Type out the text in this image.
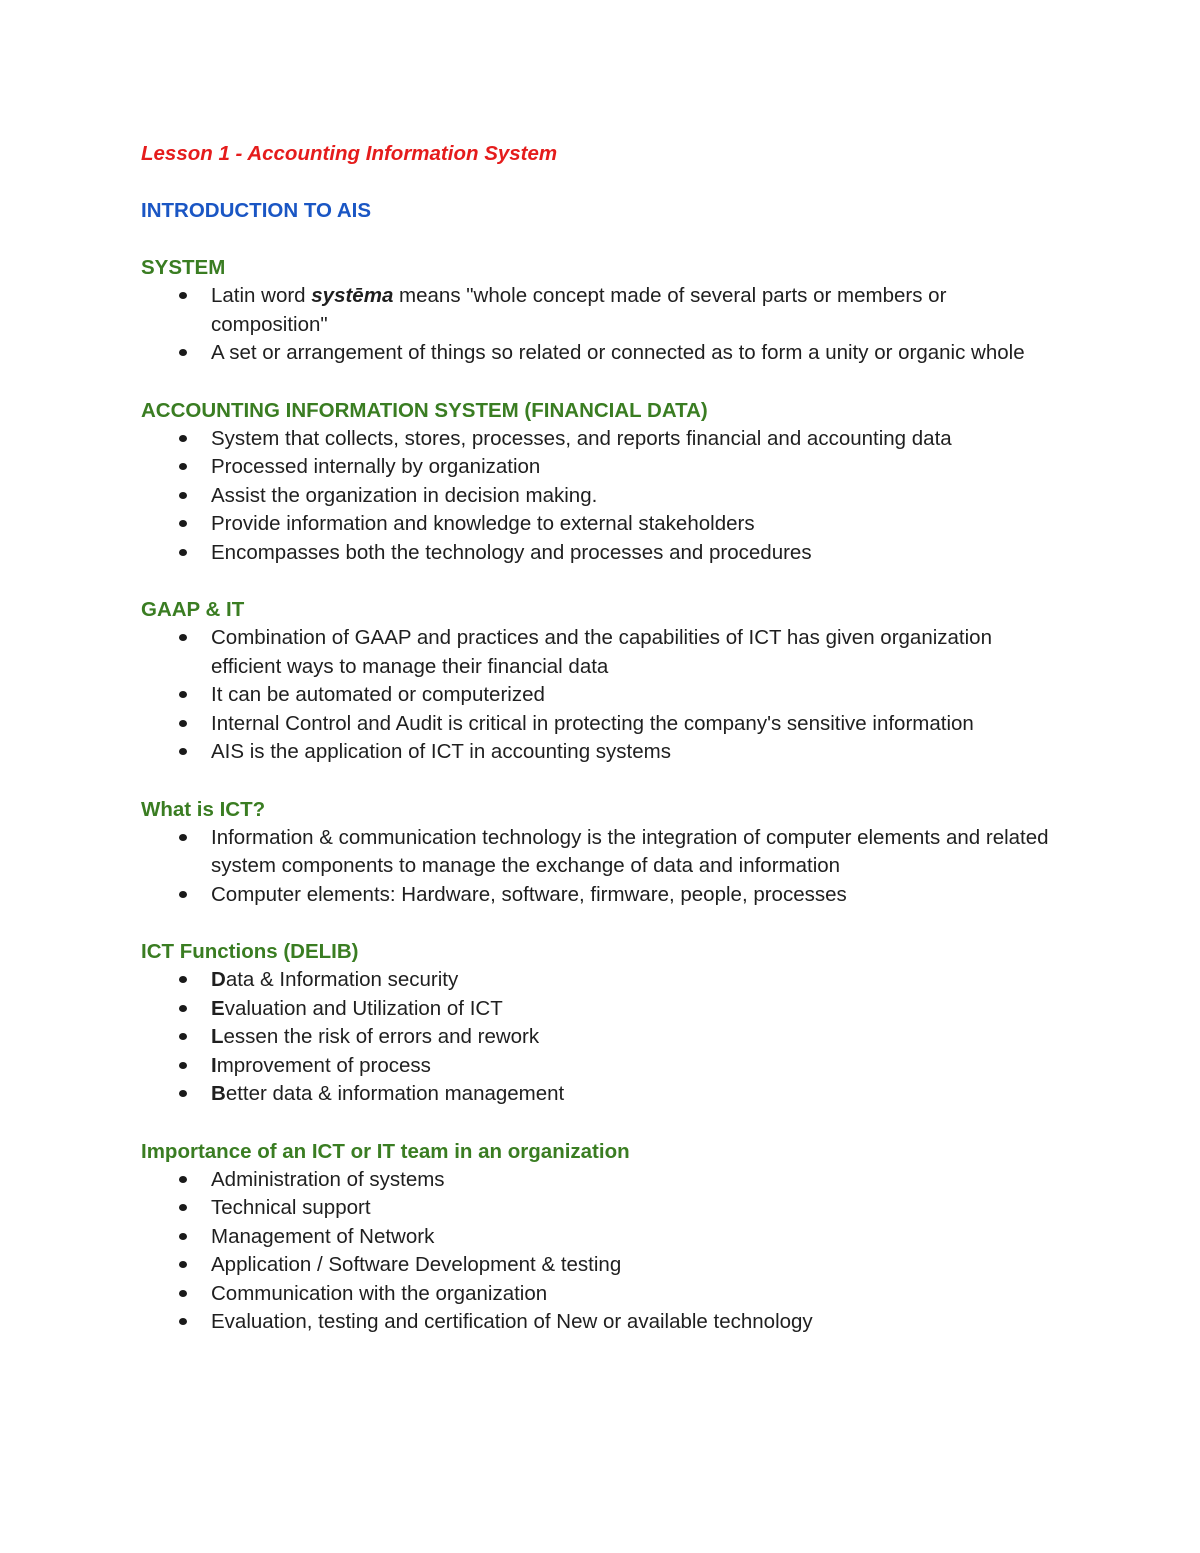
Lesson 1 - Accounting Information System
INTRODUCTION TO AIS
SYSTEM
Latin word systēma means "whole concept made of several parts or members or composition"
A set or arrangement of things so related or connected as to form a unity or organic whole
ACCOUNTING INFORMATION SYSTEM (FINANCIAL DATA)
System that collects, stores, processes, and reports financial and accounting data
Processed internally by organization
Assist the organization in decision making.
Provide information and knowledge to external stakeholders
Encompasses both the technology and processes and procedures
GAAP & IT
Combination of GAAP and practices and the capabilities of ICT has given organization efficient ways to manage their financial data
It can be automated or computerized
Internal Control and Audit is critical in protecting the company's sensitive information
AIS is the application of ICT in accounting systems
What is ICT?
Information & communication technology is the integration of computer elements and related system components to manage the exchange of data and information
Computer elements: Hardware, software, firmware, people, processes
ICT Functions (DELIB)
Data & Information security
Evaluation and Utilization of ICT
Lessen the risk of errors and rework
Improvement of process
Better data & information management
Importance of an ICT or IT team in an organization
Administration of systems
Technical support
Management of Network
Application / Software Development & testing
Communication with the organization
Evaluation, testing and certification of New or available technology
